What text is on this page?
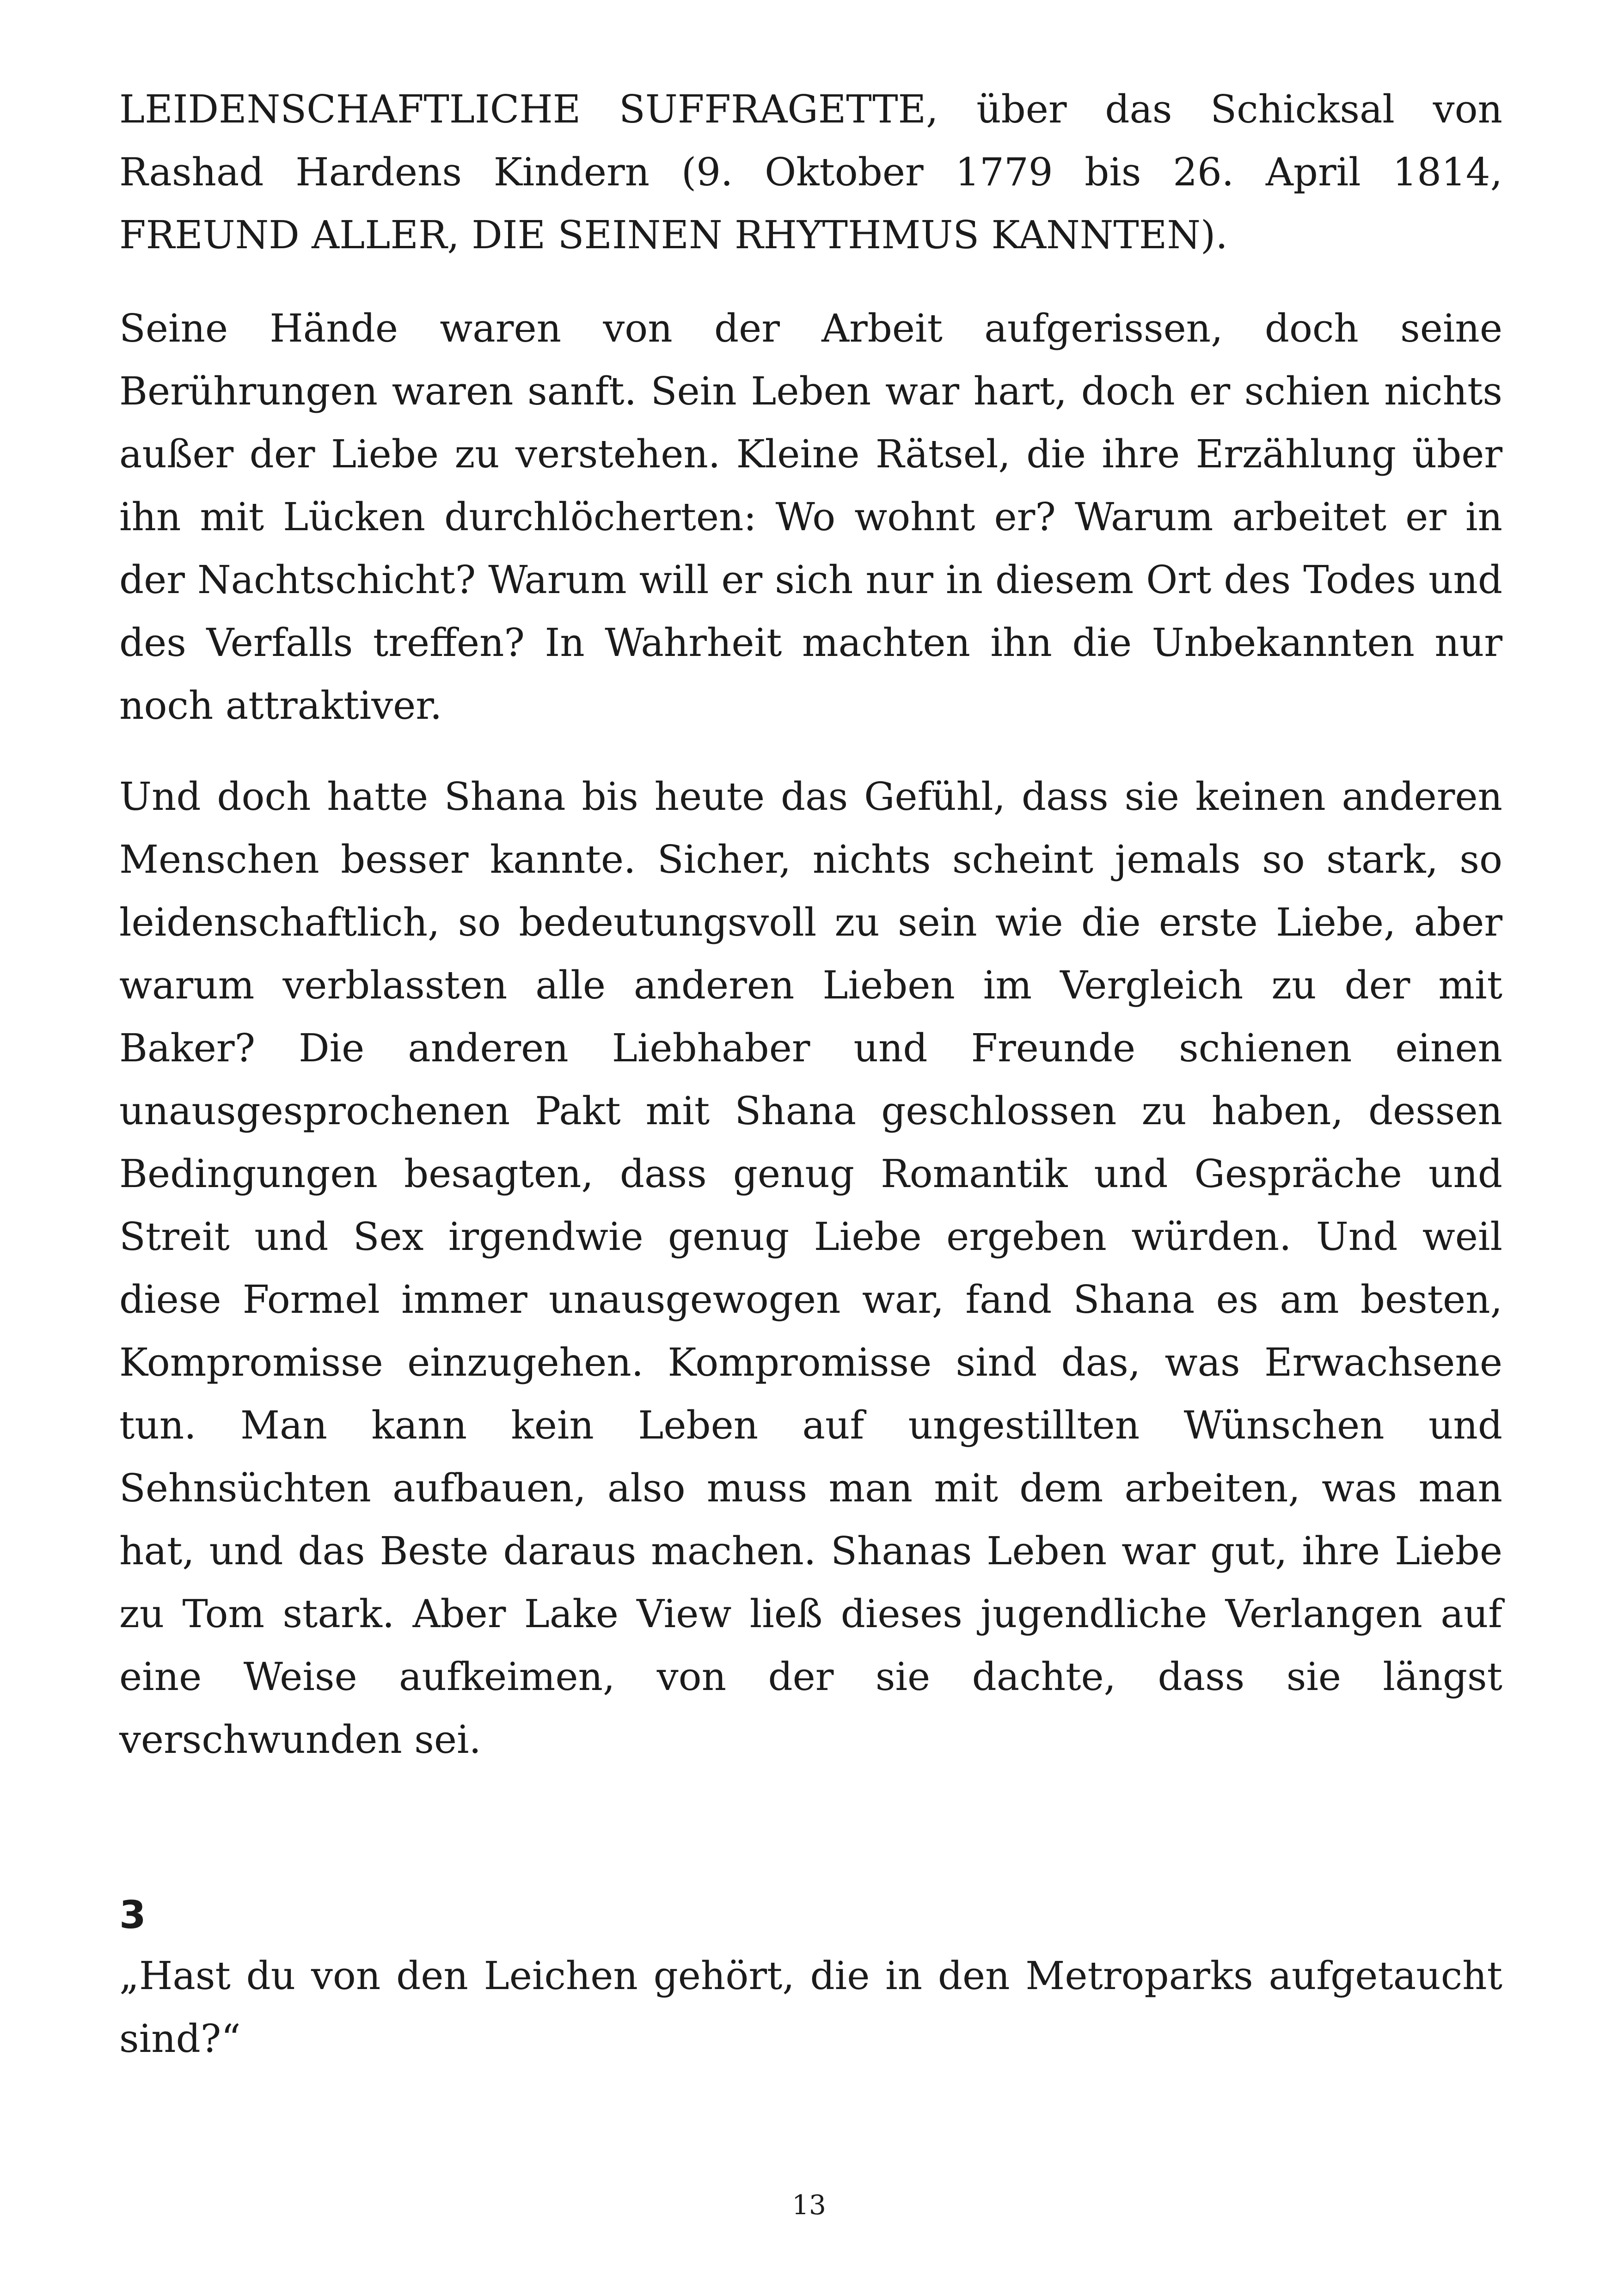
LEIDENSCHAFTLICHE SUFFRAGETTE, über das Schicksal von Rashad Hardens Kindern (9. Oktober 1779 bis 26. April 1814, FREUND ALLER, DIE SEINEN RHYTHMUS KANNTEN).

Seine Hände waren von der Arbeit aufgerissen, doch seine Berührungen waren sanft. Sein Leben war hart, doch er schien nichts außer der Liebe zu verstehen. Kleine Rätsel, die ihre Erzählung über ihn mit Lücken durchlöcherten: Wo wohnt er? Warum arbeitet er in der Nachtschicht? Warum will er sich nur in diesem Ort des Todes und des Verfalls treffen? In Wahrheit machten ihn die Unbekannten nur noch attraktiver.

Und doch hatte Shana bis heute das Gefühl, dass sie keinen anderen Menschen besser kannte. Sicher, nichts scheint jemals so stark, so leidenschaftlich, so bedeutungsvoll zu sein wie die erste Liebe, aber warum verblassten alle anderen Lieben im Vergleich zu der mit Baker? Die anderen Liebhaber und Freunde schienen einen unausgesprochenen Pakt mit Shana geschlossen zu haben, dessen Bedingungen besagten, dass genug Romantik und Gespräche und Streit und Sex irgendwie genug Liebe ergeben würden. Und weil diese Formel immer unausgewogen war, fand Shana es am besten, Kompromisse einzugehen. Kompromisse sind das, was Erwachsene tun. Man kann kein Leben auf ungestillten Wünschen und Sehnsüchten aufbauen, also muss man mit dem arbeiten, was man hat, und das Beste daraus machen. Shanas Leben war gut, ihre Liebe zu Tom stark. Aber Lake View ließ dieses jugendliche Verlangen auf eine Weise aufkeimen, von der sie dachte, dass sie längst verschwunden sei.

3

„Hast du von den Leichen gehört, die in den Metroparks aufgetaucht sind?“

13
